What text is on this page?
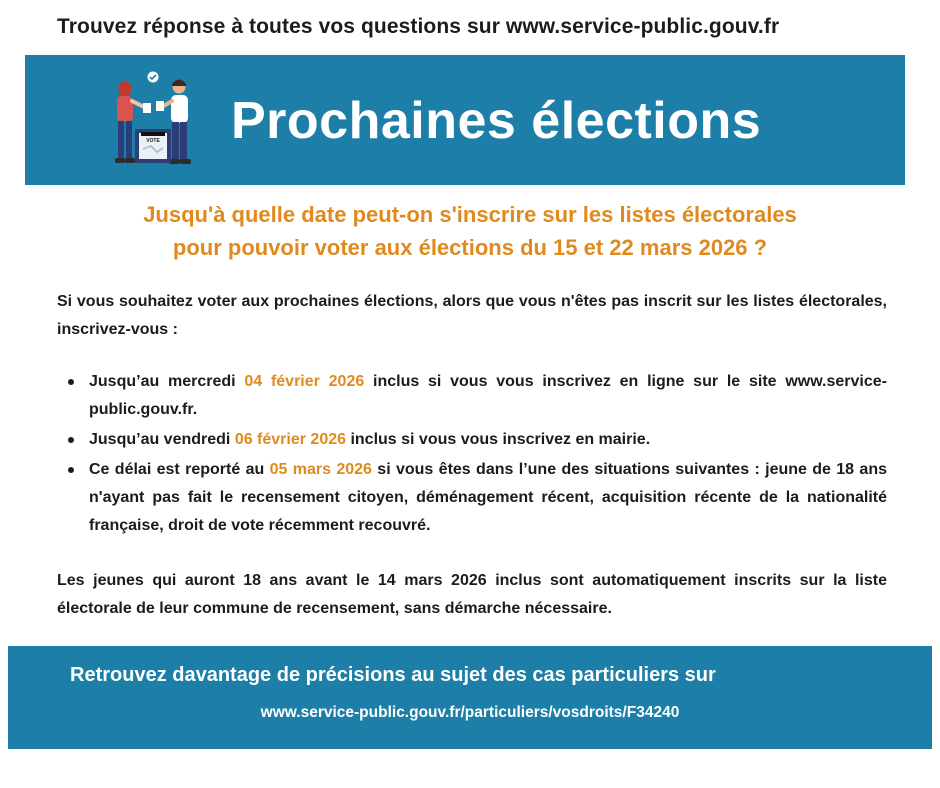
Trouvez réponse à toutes vos questions sur www.service-public.gouv.fr
VOTE Prochaines élections
Jusqu'à quelle date peut-on s'inscrire sur les listes électorales
pour pouvoir voter aux élections du 15 et 22 mars 2026 ?

Si vous souhaitez voter aux prochaines élections, alors que vous n'êtes pas inscrit sur les listes électorales, inscrivez-vous :

Jusqu’au mercredi 04 février 2026 inclus si vous vous inscrivez en ligne sur le site www.service-public.gouv.fr.
Jusqu’au vendredi 06 février 2026 inclus si vous vous inscrivez en mairie.
Ce délai est reporté au 05 mars 2026 si vous êtes dans l’une des situations suivantes : jeune de 18 ans n'ayant pas fait le recensement citoyen, déménagement récent, acquisition récente de la nationalité française, droit de vote récemment recouvré.

Les jeunes qui auront 18 ans avant le 14 mars 2026 inclus sont automatiquement inscrits sur la liste électorale de leur commune de recensement, sans démarche nécessaire.

Retrouvez davantage de précisions au sujet des cas particuliers sur
www.service-public.gouv.fr/particuliers/vosdroits/F34240
